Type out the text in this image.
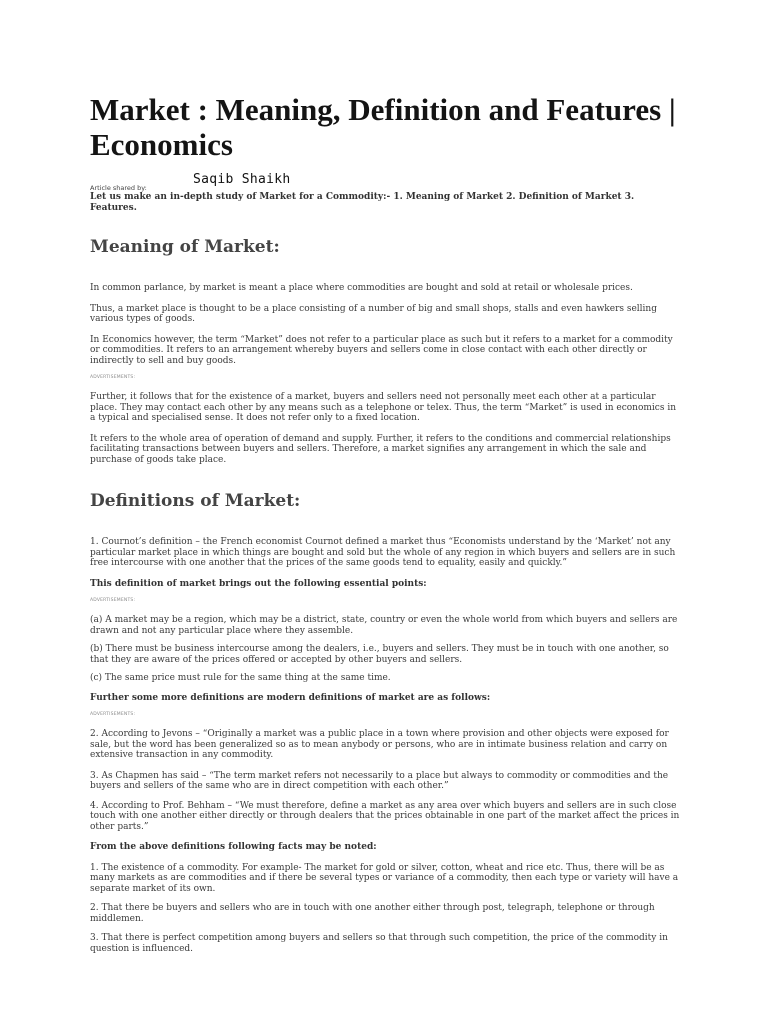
Market : Meaning, Definition and Features | Economics
Saqib Shaikh
Article shared by:

Let us make an in-depth study of Market for a Commodity:- 1. Meaning of Market 2. Definition of Market 3. Features.

Meaning of Market:

In common parlance, by market is meant a place where commodities are bought and sold at retail or wholesale prices.

Thus, a market place is thought to be a place consisting of a number of big and small shops, stalls and even hawkers selling various types of goods.

In Economics however, the term “Market” does not refer to a particular place as such but it refers to a market for a commodity or commodities. It refers to an arrangement whereby buyers and sellers come in close contact with each other directly or indirectly to sell and buy goods.

ADVERTISEMENTS:

Further, it follows that for the existence of a market, buyers and sellers need not personally meet each other at a particular place. They may contact each other by any means such as a telephone or telex. Thus, the term “Market” is used in economics in a typical and specialised sense. It does not refer only to a fixed location.

It refers to the whole area of operation of demand and supply. Further, it refers to the conditions and commercial relationships facilitating transactions between buyers and sellers. Therefore, a market signifies any arrangement in which the sale and purchase of goods take place.

Definitions of Market:

1. Cournot’s definition – the French economist Cournot defined a market thus “Economists understand by the ‘Market’ not any particular market place in which things are bought and sold but the whole of any region in which buyers and sellers are in such free intercourse with one another that the prices of the same goods tend to equality, easily and quickly.”

This definition of market brings out the following essential points:

ADVERTISEMENTS:

(a) A market may be a region, which may be a district, state, country or even the whole world from which buyers and sellers are drawn and not any particular place where they assemble.

(b) There must be business intercourse among the dealers, i.e., buyers and sellers. They must be in touch with one another, so that they are aware of the prices offered or accepted by other buyers and sellers.

(c) The same price must rule for the same thing at the same time.

Further some more definitions are modern definitions of market are as follows:

ADVERTISEMENTS:

2. According to Jevons – “Originally a market was a public place in a town where provision and other objects were exposed for sale, but the word has been generalized so as to mean anybody or persons, who are in intimate business relation and carry on extensive transaction in any commodity.

3. As Chapmen has said – “The term market refers not necessarily to a place but always to commodity or commodities and the buyers and sellers of the same who are in direct competition with each other.”

4. According to Prof. Behham – “We must therefore, define a market as any area over which buyers and sellers are in such close touch with one another either directly or through dealers that the prices obtainable in one part of the market affect the prices in other parts.”

From the above definitions following facts may be noted:

1. The existence of a commodity. For example- The market for gold or silver, cotton, wheat and rice etc. Thus, there will be as many markets as are commodities and if there be several types or variance of a commodity, then each type or variety will have a separate market of its own.

2. That there be buyers and sellers who are in touch with one another either through post, telegraph, telephone or through middlemen.

3. That there is perfect competition among buyers and sellers so that through such competition, the price of the commodity in question is influenced.
